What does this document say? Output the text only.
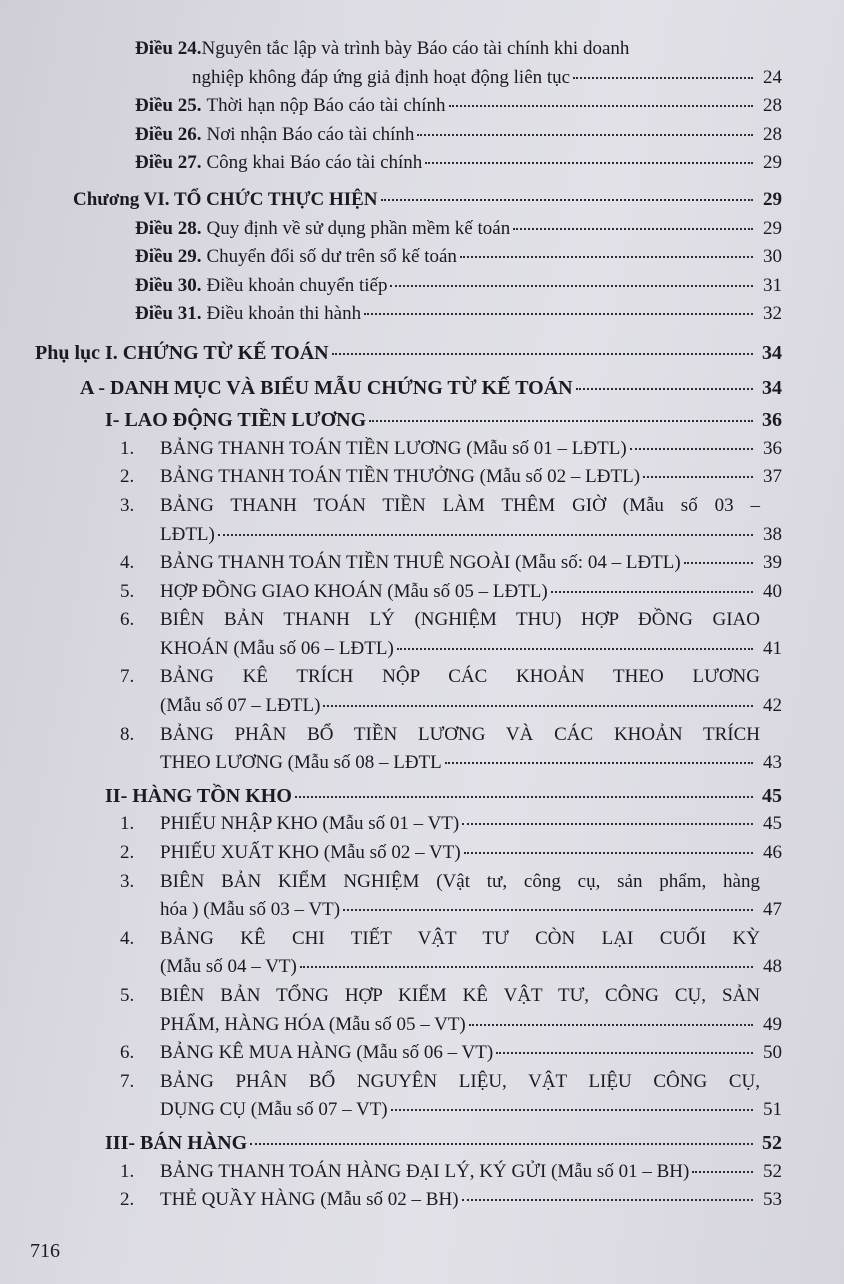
Điều 24. Nguyên tắc lập và trình bày Báo cáo tài chính khi doanh
nghiệp không đáp ứng giả định hoạt động liên tục	24
Điều 25. Thời hạn nộp Báo cáo tài chính	28
Điều 26. Nơi nhận Báo cáo tài chính	28
Điều 27. Công khai Báo cáo tài chính	29
Chương VI. TỔ CHỨC THỰC HIỆN	29
Điều 28. Quy định về sử dụng phần mềm kế toán	29
Điều 29. Chuyển đổi số dư trên sổ kế toán	30
Điều 30. Điều khoản chuyển tiếp	31
Điều 31. Điều khoản thi hành	32
Phụ lục I. CHỨNG TỪ KẾ TOÁN	34
A - DANH MỤC VÀ BIỂU MẪU CHỨNG TỪ KẾ TOÁN	34
I- LAO ĐỘNG TIỀN LƯƠNG	36
1.	BẢNG THANH TOÁN TIỀN LƯƠNG (Mẫu số 01 – LĐTL)	36
2.	BẢNG THANH TOÁN TIỀN THƯỞNG (Mẫu số 02 – LĐTL)	37
3.	BẢNG THANH TOÁN TIỀN LÀM THÊM GIỜ (Mẫu số 03 –
LĐTL)	38
4.	BẢNG THANH TOÁN TIỀN THUÊ NGOÀI (Mẫu số: 04 – LĐTL)	39
5.	HỢP ĐỒNG GIAO KHOÁN (Mẫu số 05 – LĐTL)	40
6.	BIÊN BẢN THANH LÝ (NGHIỆM THU) HỢP ĐỒNG GIAO
KHOÁN (Mẫu số 06 – LĐTL)	41
7.	BẢNG KÊ TRÍCH NỘP CÁC KHOẢN THEO LƯƠNG
(Mẫu số 07 – LĐTL)	42
8.	BẢNG PHÂN BỔ TIỀN LƯƠNG VÀ CÁC KHOẢN TRÍCH
THEO LƯƠNG (Mẫu số 08 – LĐTL	43
II- HÀNG TỒN KHO	45
1.	PHIẾU NHẬP KHO (Mẫu số 01 – VT)	45
2.	PHIẾU XUẤT KHO (Mẫu số 02 – VT)	46
3.	BIÊN BẢN KIỂM NGHIỆM (Vật tư, công cụ, sản phẩm, hàng
hóa ) (Mẫu số 03 – VT)	47
4.	BẢNG KÊ CHI TIẾT VẬT TƯ CÒN LẠI CUỐI KỲ
(Mẫu số 04 – VT)	48
5.	BIÊN BẢN TỔNG HỢP KIỂM KÊ VẬT TƯ, CÔNG CỤ, SẢN
PHẨM, HÀNG HÓA (Mẫu số 05 – VT)	49
6.	BẢNG KÊ MUA HÀNG (Mẫu số 06 – VT)	50
7.	BẢNG PHÂN BỔ NGUYÊN LIỆU, VẬT LIỆU CÔNG CỤ,
DỤNG CỤ (Mẫu số 07 – VT)	51
III- BÁN HÀNG	52
1.	BẢNG THANH TOÁN HÀNG ĐẠI LÝ, KÝ GỬI (Mẫu số 01 – BH)	52
2.	THẺ QUẦY HÀNG (Mẫu số 02 – BH)	53
716
